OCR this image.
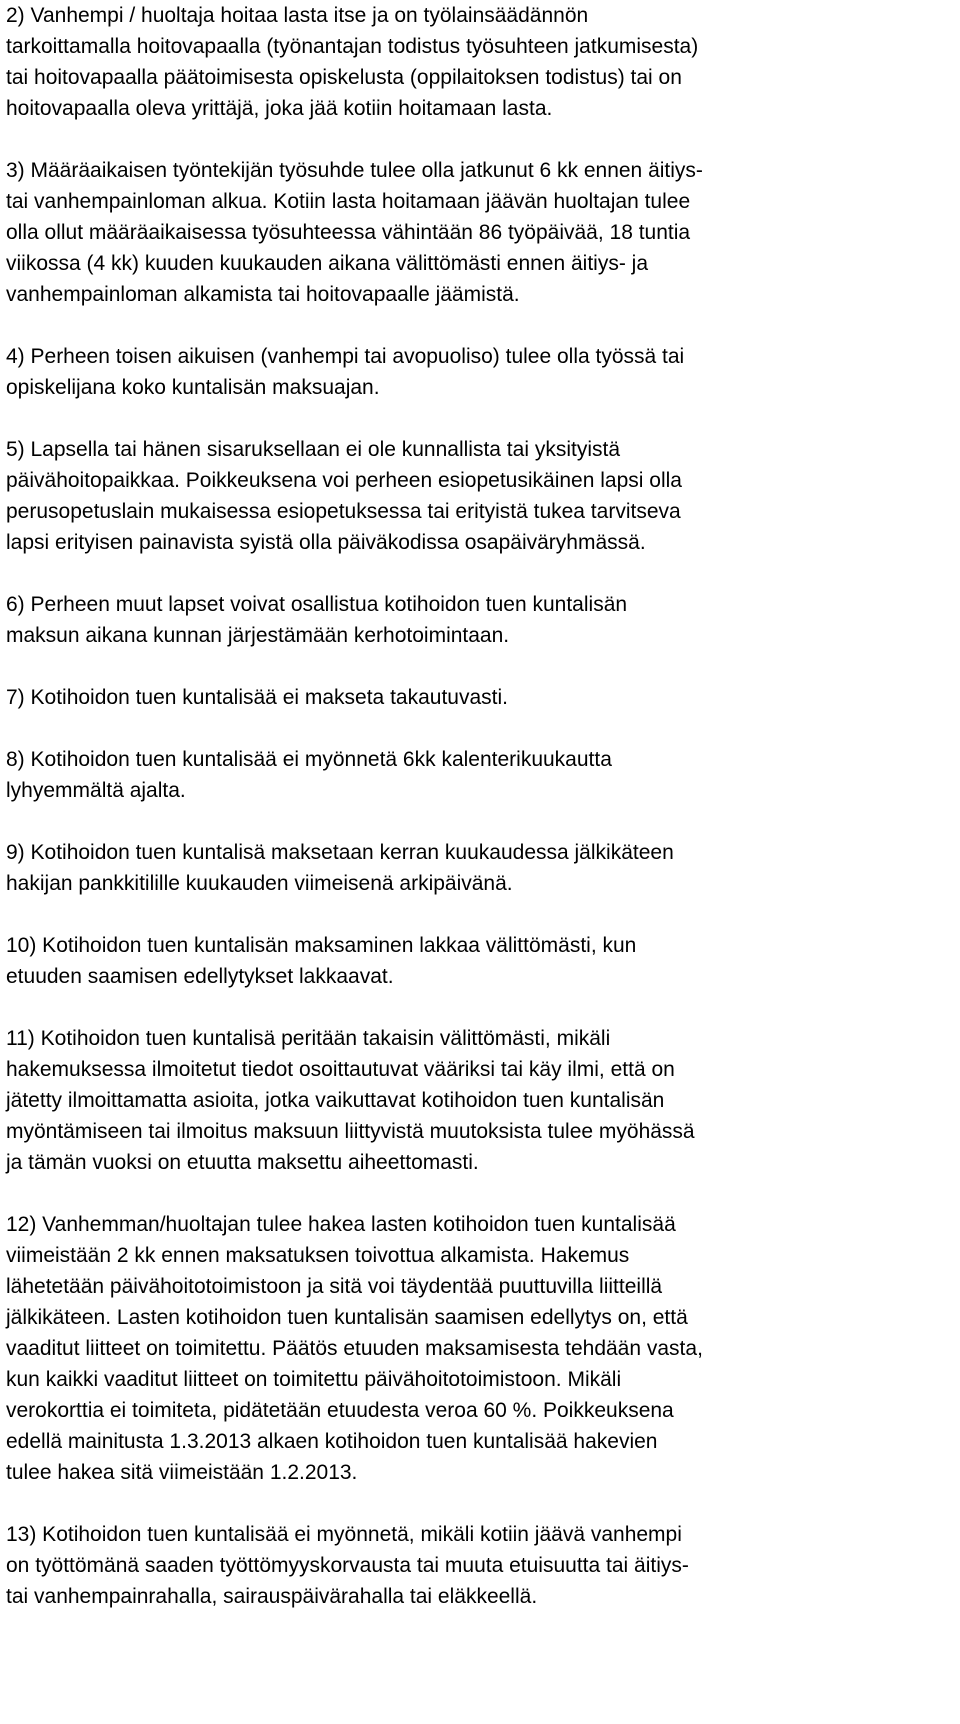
2) Vanhempi / huoltaja hoitaa lasta itse ja on työlainsäädännön
tarkoittamalla hoitovapaalla (työnantajan todistus työsuhteen jatkumisesta)
tai hoitovapaalla päätoimisesta opiskelusta (oppilaitoksen todistus) tai on
hoitovapaalla oleva yrittäjä, joka jää kotiin hoitamaan lasta.
3) Määräaikaisen työntekijän työsuhde tulee olla jatkunut 6 kk ennen äitiys-
tai vanhempainloman alkua. Kotiin lasta hoitamaan jäävän huoltajan tulee
olla ollut määräaikaisessa työsuhteessa vähintään 86 työpäivää, 18 tuntia
viikossa (4 kk) kuuden kuukauden aikana välittömästi ennen äitiys- ja
vanhempainloman alkamista tai hoitovapaalle jäämistä.
4) Perheen toisen aikuisen (vanhempi tai avopuoliso) tulee olla työssä tai
opiskelijana koko kuntalisän maksuajan.
5) Lapsella tai hänen sisaruksellaan ei ole kunnallista tai yksityistä
päivähoitopaikkaa. Poikkeuksena voi perheen esiopetusikäinen lapsi olla
perusopetuslain mukaisessa esiopetuksessa tai erityistä tukea tarvitseva
lapsi erityisen painavista syistä olla päiväkodissa osapäiväryhmässä.
6) Perheen muut lapset voivat osallistua kotihoidon tuen kuntalisän
maksun aikana kunnan järjestämään kerhotoimintaan.
7) Kotihoidon tuen kuntalisää ei makseta takautuvasti.
8) Kotihoidon tuen kuntalisää ei myönnetä 6kk kalenterikuukautta
lyhyemmältä ajalta.
9) Kotihoidon tuen kuntalisä maksetaan kerran kuukaudessa jälkikäteen
hakijan pankkitilille kuukauden viimeisenä arkipäivänä.
10) Kotihoidon tuen kuntalisän maksaminen lakkaa välittömästi, kun
etuuden saamisen edellytykset lakkaavat.
11) Kotihoidon tuen kuntalisä peritään takaisin välittömästi, mikäli
hakemuksessa ilmoitetut tiedot osoittautuvat vääriksi tai käy ilmi, että on
jätetty ilmoittamatta asioita, jotka vaikuttavat kotihoidon tuen kuntalisän
myöntämiseen tai ilmoitus maksuun liittyvistä muutoksista tulee myöhässä
ja tämän vuoksi on etuutta maksettu aiheettomasti.
12) Vanhemman/huoltajan tulee hakea lasten kotihoidon tuen kuntalisää
viimeistään 2 kk ennen maksatuksen toivottua alkamista. Hakemus
lähetetään päivähoitotoimistoon ja sitä voi täydentää puuttuvilla liitteillä
jälkikäteen. Lasten kotihoidon tuen kuntalisän saamisen edellytys on, että
vaaditut liitteet on toimitettu. Päätös etuuden maksamisesta tehdään vasta,
kun kaikki vaaditut liitteet on toimitettu päivähoitotoimistoon. Mikäli
verokorttia ei toimiteta, pidätetään etuudesta veroa 60 %. Poikkeuksena
edellä mainitusta 1.3.2013 alkaen kotihoidon tuen kuntalisää hakevien
tulee hakea sitä viimeistään 1.2.2013.
13) Kotihoidon tuen kuntalisää ei myönnetä, mikäli kotiin jäävä vanhempi
on työttömänä saaden työttömyyskorvausta tai muuta etuisuutta tai äitiys-
tai vanhempainrahalla, sairauspäivärahalla tai eläkkeellä.
